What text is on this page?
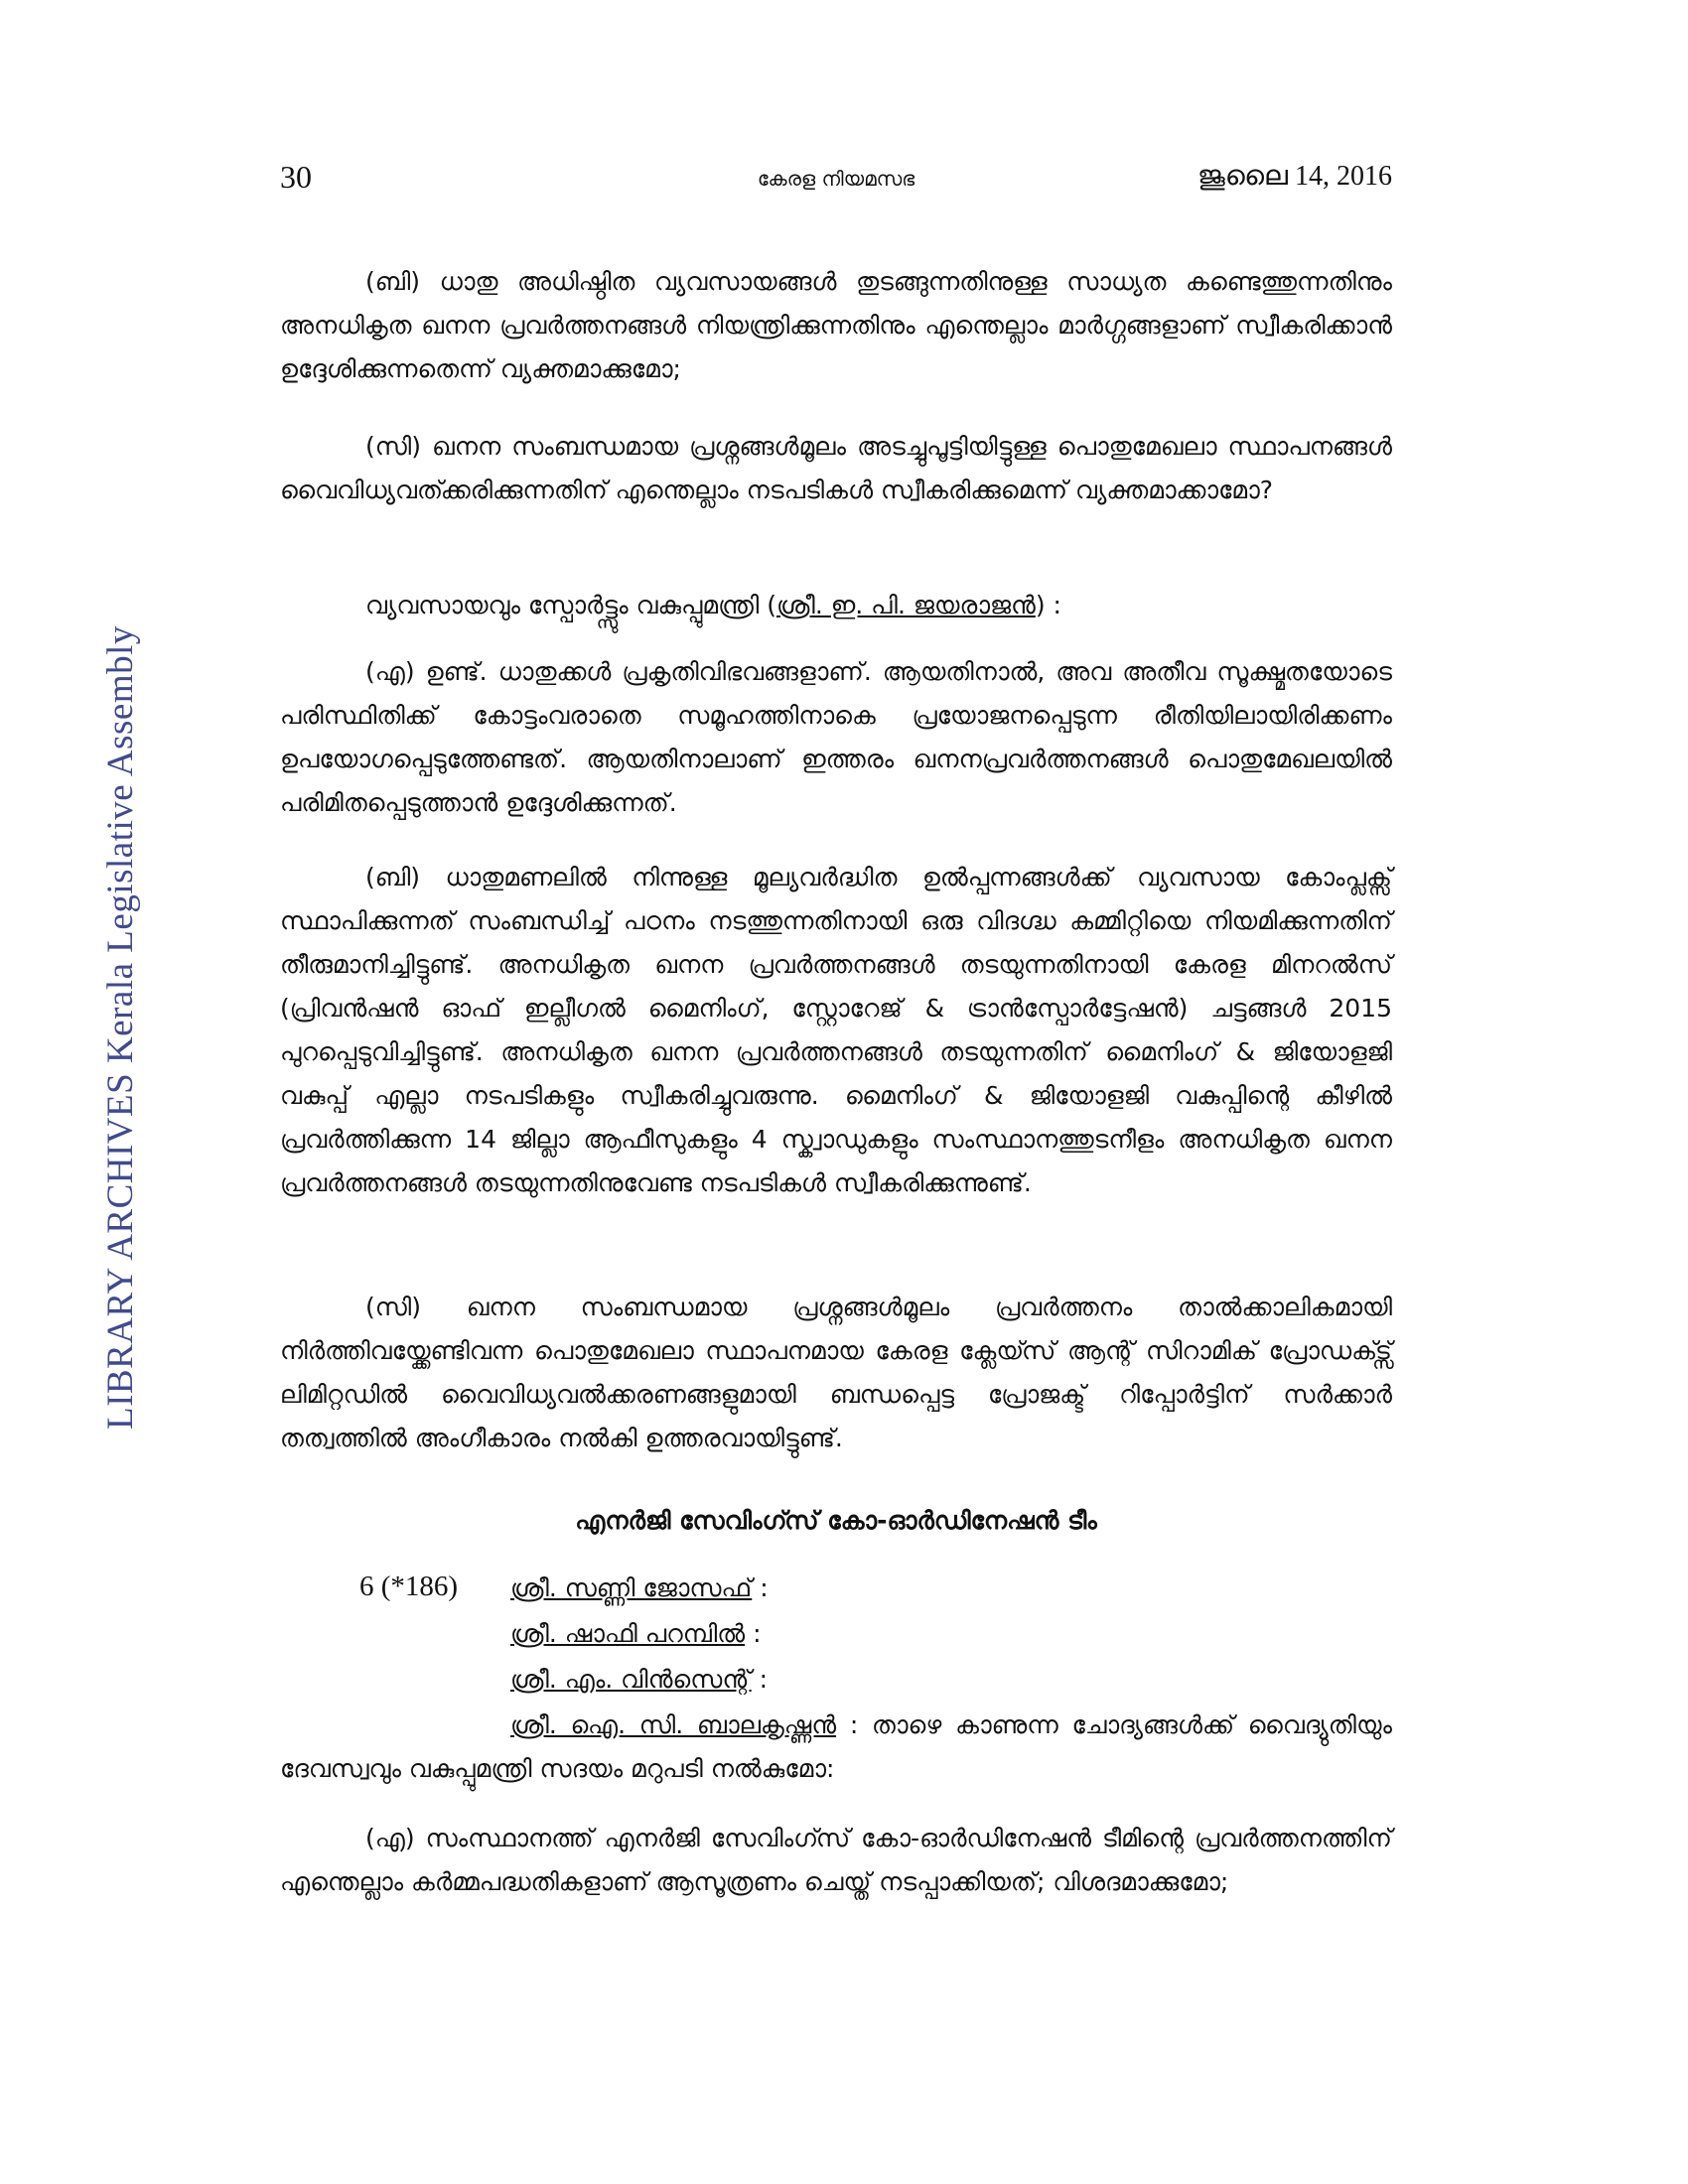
LIBRARY ARCHIVES Kerala Legislative Assembly
30	കേരള നിയമസഭ	ജൂലൈ 14, 2016

(ബി) ധാതു അധിഷ്ഠിത വ്യവസായങ്ങൾ തുടങ്ങുന്നതിനുള്ള സാധ്യത കണ്ടെത്തുന്നതിനും അനധികൃത ഖനന പ്രവർത്തനങ്ങൾ നിയന്ത്രിക്കുന്നതിനും എന്തെല്ലാം മാർഗ്ഗങ്ങളാണ് സ്വീകരിക്കാൻ ഉദ്ദേശിക്കുന്നതെന്ന് വ്യക്തമാക്കുമോ;

(സി) ഖനന സംബന്ധമായ പ്രശ്നങ്ങൾമൂലം അടച്ചുപൂട്ടിയിട്ടുള്ള പൊതുമേഖലാ സ്ഥാപനങ്ങൾ വൈവിധ്യവത്ക്കരിക്കുന്നതിന് എന്തെല്ലാം നടപടികൾ സ്വീകരിക്കുമെന്ന് വ്യക്തമാക്കാമോ?

വ്യവസായവും സ്പോർട്ട്സും വകുപ്പുമന്ത്രി (ശ്രീ. ഇ. പി. ജയരാജൻ) :

(എ) ഉണ്ട്. ധാതുക്കൾ പ്രകൃതിവിഭവങ്ങളാണ്. ആയതിനാൽ, അവ അതീവ സൂക്ഷ്മതയോടെ പരിസ്ഥിതിക്ക് കോട്ടംവരാതെ സമൂഹത്തിനാകെ പ്രയോജനപ്പെടുന്ന രീതിയിലായിരിക്കണം ഉപയോഗപ്പെടുത്തേണ്ടത്. ആയതിനാലാണ് ഇത്തരം ഖനനപ്രവർത്തനങ്ങൾ പൊതുമേഖലയിൽ പരിമിതപ്പെടുത്താൻ ഉദ്ദേശിക്കുന്നത്.

(ബി) ധാതുമണലിൽ നിന്നുള്ള മൂല്യവർദ്ധിത ഉൽപ്പന്നങ്ങൾക്ക് വ്യവസായ കോംപ്ലക്സ് സ്ഥാപിക്കുന്നത് സംബന്ധിച്ച് പഠനം നടത്തുന്നതിനായി ഒരു വിദഗ്ദ്ധ കമ്മിറ്റിയെ നിയമിക്കുന്നതിന് തീരുമാനിച്ചിട്ടുണ്ട്. അനധികൃത ഖനന പ്രവർത്തനങ്ങൾ തടയുന്നതിനായി കേരള മിനറൽസ് (പ്രിവൻഷൻ ഓഫ് ഇല്ലീഗൽ മൈനിംഗ്, സ്റ്റോറേജ് & ട്രാൻസ്പോർട്ടേഷൻ) ചട്ടങ്ങൾ 2015 പുറപ്പെടുവിച്ചിട്ടുണ്ട്. അനധികൃത ഖനന പ്രവർത്തനങ്ങൾ തടയുന്നതിന് മൈനിംഗ് & ജിയോളജി വകുപ്പ് എല്ലാ നടപടികളും സ്വീകരിച്ചുവരുന്നു. മൈനിംഗ് & ജിയോളജി വകുപ്പിന്റെ കീഴിൽ പ്രവർത്തിക്കുന്ന 14 ജില്ലാ ആഫീസുകളും 4 സ്ക്വാഡുകളും സംസ്ഥാനത്തുടനീളം അനധികൃത ഖനന പ്രവർത്തനങ്ങൾ തടയുന്നതിനുവേണ്ട നടപടികൾ സ്വീകരിക്കുന്നുണ്ട്.

(സി) ഖനന സംബന്ധമായ പ്രശ്നങ്ങൾമൂലം പ്രവർത്തനം താൽക്കാലികമായി നിർത്തിവയ്ക്കേണ്ടിവന്ന പൊതുമേഖലാ സ്ഥാപനമായ കേരള ക്ലേയ്സ് ആന്റ് സിറാമിക് പ്രോഡക്ട്സ് ലിമിറ്റഡിൽ വൈവിധ്യവൽക്കരണങ്ങളുമായി ബന്ധപ്പെട്ട പ്രോജക്ട് റിപ്പോർട്ടിന് സർക്കാർ തത്വത്തിൽ അംഗീകാരം നൽകി ഉത്തരവായിട്ടുണ്ട്.

എനർജി സേവിംഗ്സ് കോ-ഓർഡിനേഷൻ ടീം
6 (*186) ശ്രീ. സണ്ണി ജോസഫ് :
ശ്രീ. ഷാഫി പറമ്പിൽ :
ശ്രീ. എം. വിൻസെന്റ് :

ശ്രീ. ഐ. സി. ബാലകൃഷ്ണൻ : താഴെ കാണുന്ന ചോദ്യങ്ങൾക്ക് വൈദ്യുതിയും ദേവസ്വവും വകുപ്പുമന്ത്രി സദയം മറുപടി നൽകുമോ:

(എ) സംസ്ഥാനത്ത് എനർജി സേവിംഗ്സ് കോ-ഓർഡിനേഷൻ ടീമിന്റെ പ്രവർത്തനത്തിന് എന്തെല്ലാം കർമ്മപദ്ധതികളാണ് ആസൂത്രണം ചെയ്ത് നടപ്പാക്കിയത്; വിശദമാക്കുമോ;
